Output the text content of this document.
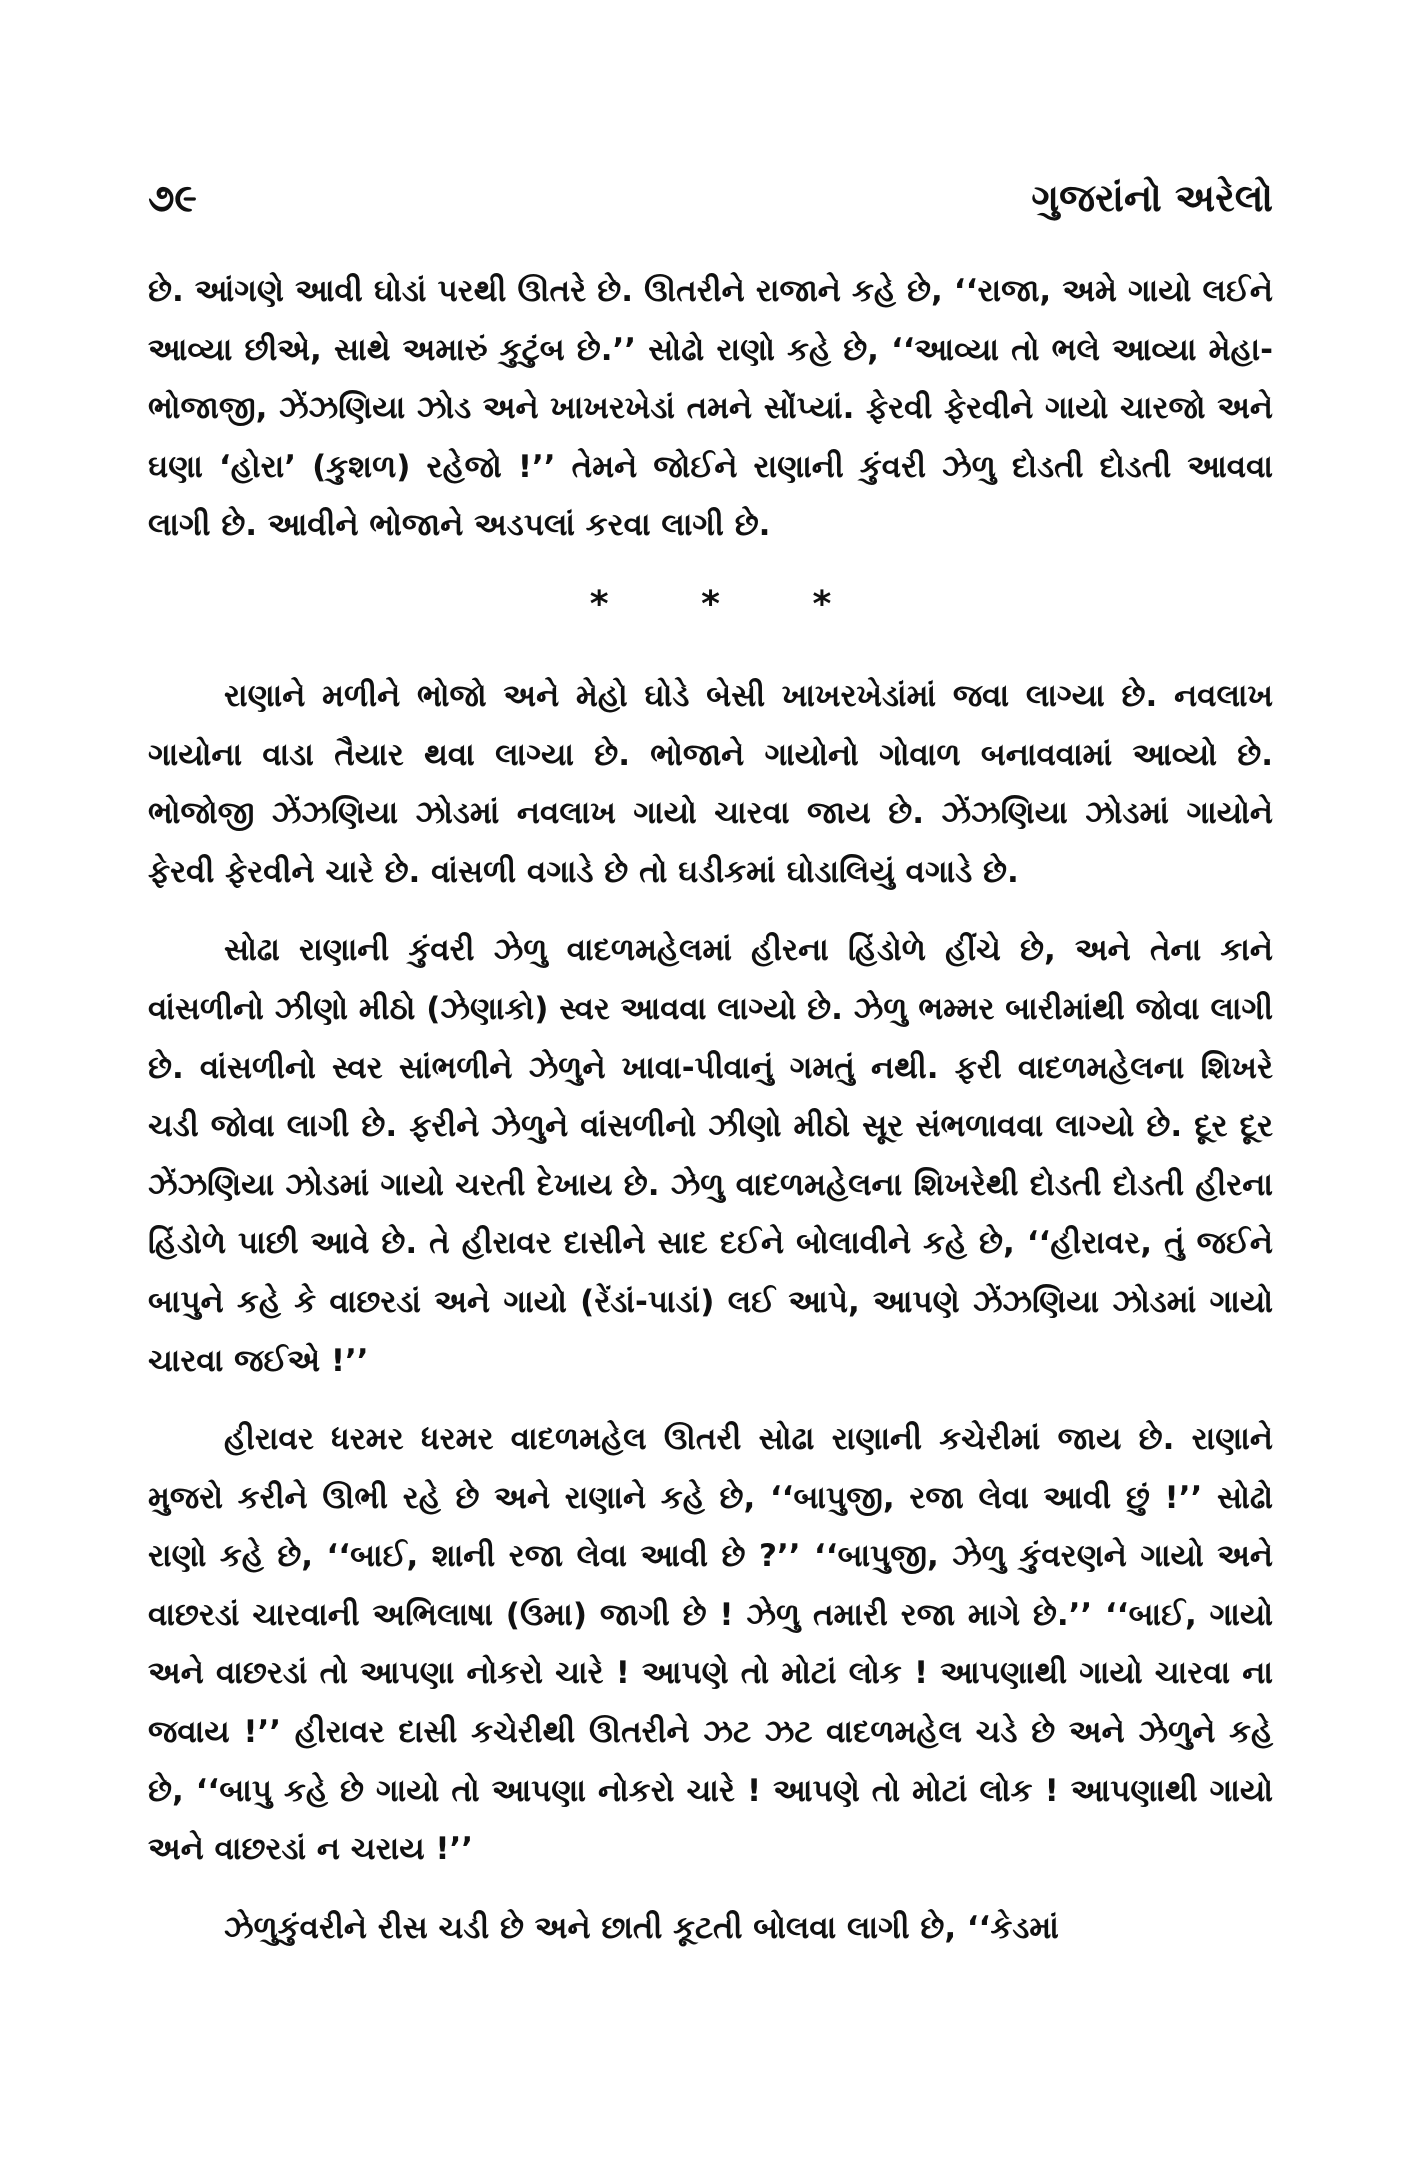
૭૯	ગુજરાંનો અરેલો

છે. આંગણે આવી ઘોડાં પરથી ઊતરે છે. ઊતરીને રાજાને કહે છે, ‘‘રાજા, અમે ગાયો લઈને આવ્યા છીએ, સાથે અમારું કુટુંબ છે.’’ સોઢો રાણો કહે છે, ‘‘આવ્યા તો ભલે આવ્યા મેહા-ભોજાજી, ઝેંઝણિયા ઝોડ અને ખાખરખેડાં તમને સોંપ્યાં. ફેરવી ફેરવીને ગાયો ચારજો અને ઘણા ‘હોરા’ (કુશળ) રહેજો !’’ તેમને જોઈને રાણાની કુંવરી ઝેળુ દોડતી દોડતી આવવા લાગી છે. આવીને ભોજાને અડપલાં કરવા લાગી છે.

* * *

રાણાને મળીને ભોજો અને મેહો ઘોડે બેસી ખાખરખેડાંમાં જવા લાગ્યા છે. નવલાખ ગાયોના વાડા તૈયાર થવા લાગ્યા છે. ભોજાને ગાયોનો ગોવાળ બનાવવામાં આવ્યો છે. ભોજોજી ઝેંઝણિયા ઝોડમાં નવલાખ ગાયો ચારવા જાય છે. ઝેંઝણિયા ઝોડમાં ગાયોને ફેરવી ફેરવીને ચારે છે. વાંસળી વગાડે છે તો ઘડીકમાં ઘોડાલિયું વગાડે છે.

સોઢા રાણાની કુંવરી ઝેળુ વાદળમહેલમાં હીરના હિંડોળે હીંચે છે, અને તેના કાને વાંસળીનો ઝીણો મીઠો (ઝેણાકો) સ્વર આવવા લાગ્યો છે. ઝેળુ ભમ્મર બારીમાંથી જોવા લાગી છે. વાંસળીનો સ્વર સાંભળીને ઝેળુને ખાવા-પીવાનું ગમતું નથી. ફરી વાદળમહેલના શિખરે ચડી જોવા લાગી છે. ફરીને ઝેળુને વાંસળીનો ઝીણો મીઠો સૂર સંભળાવવા લાગ્યો છે. દૂર દૂર ઝેંઝણિયા ઝોડમાં ગાયો ચરતી દેખાય છે. ઝેળુ વાદળમહેલના શિખરેથી દોડતી દોડતી હીરના હિંડોળે પાછી આવે છે. તે હીરાવર દાસીને સાદ દઈને બોલાવીને કહે છે, ‘‘હીરાવર, તું જઈને બાપુને કહે કે વાછરડાં અને ગાયો (રેંડાં-પાડાં) લઈ આપે, આપણે ઝેંઝણિયા ઝોડમાં ગાયો ચારવા જઈએ !’’

હીરાવર ધરમર ધરમર વાદળમહેલ ઊતરી સોઢા રાણાની કચેરીમાં જાય છે. રાણાને મુજરો કરીને ઊભી રહે છે અને રાણાને કહે છે, ‘‘બાપુજી, રજા લેવા આવી છું !’’ સોઢો રાણો કહે છે, ‘‘બાઈ, શાની રજા લેવા આવી છે ?’’ ‘‘બાપુજી, ઝેળુ કુંવરણને ગાયો અને વાછરડાં ચારવાની અભિલાષા (ઉમા) જાગી છે ! ઝેળુ તમારી રજા માગે છે.’’ ‘‘બાઈ, ગાયો અને વાછરડાં તો આપણા નોકરો ચારે ! આપણે તો મોટાં લોક ! આપણાથી ગાયો ચારવા ના જવાય !’’ હીરાવર દાસી કચેરીથી ઊતરીને ઝટ ઝટ વાદળમહેલ ચડે છે અને ઝેળુને કહે છે, ‘‘બાપુ કહે છે ગાયો તો આપણા નોકરો ચારે ! આપણે તો મોટાં લોક ! આપણાથી ગાયો અને વાછરડાં ન ચરાય !’’

ઝેળુકુંવરીને રીસ ચડી છે અને છાતી કૂટતી બોલવા લાગી છે, ‘‘કેડમાં
